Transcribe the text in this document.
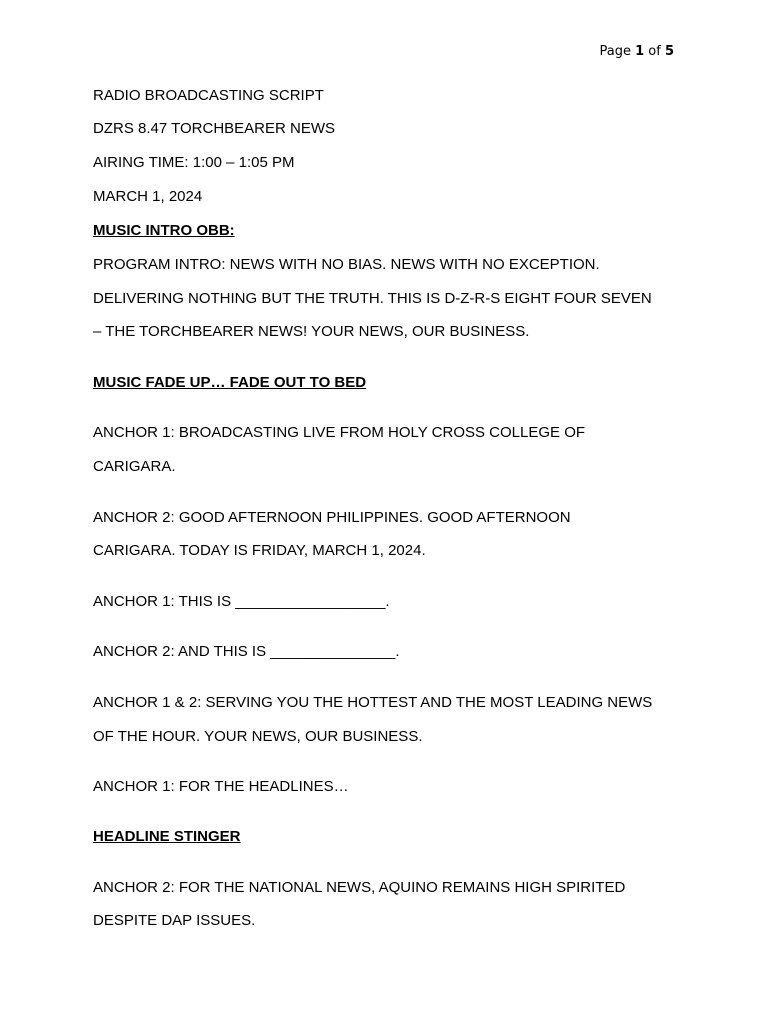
Page 1 of 5
RADIO BROADCASTING SCRIPT
DZRS 8.47 TORCHBEARER NEWS
AIRING TIME: 1:00 – 1:05 PM
MARCH 1, 2024
MUSIC INTRO OBB:
PROGRAM INTRO: NEWS WITH NO BIAS. NEWS WITH NO EXCEPTION.
DELIVERING NOTHING BUT THE TRUTH. THIS IS D-Z-R-S EIGHT FOUR SEVEN
– THE TORCHBEARER NEWS! YOUR NEWS, OUR BUSINESS.
MUSIC FADE UP… FADE OUT TO BED
ANCHOR 1: BROADCASTING LIVE FROM HOLY CROSS COLLEGE OF
CARIGARA.
ANCHOR 2: GOOD AFTERNOON PHILIPPINES. GOOD AFTERNOON
CARIGARA. TODAY IS FRIDAY, MARCH 1, 2024.
ANCHOR 1: THIS IS __________________.
ANCHOR 2: AND THIS IS _______________.
ANCHOR 1 & 2: SERVING YOU THE HOTTEST AND THE MOST LEADING NEWS
OF THE HOUR. YOUR NEWS, OUR BUSINESS.
ANCHOR 1: FOR THE HEADLINES…
HEADLINE STINGER
ANCHOR 2: FOR THE NATIONAL NEWS, AQUINO REMAINS HIGH SPIRITED
DESPITE DAP ISSUES.
